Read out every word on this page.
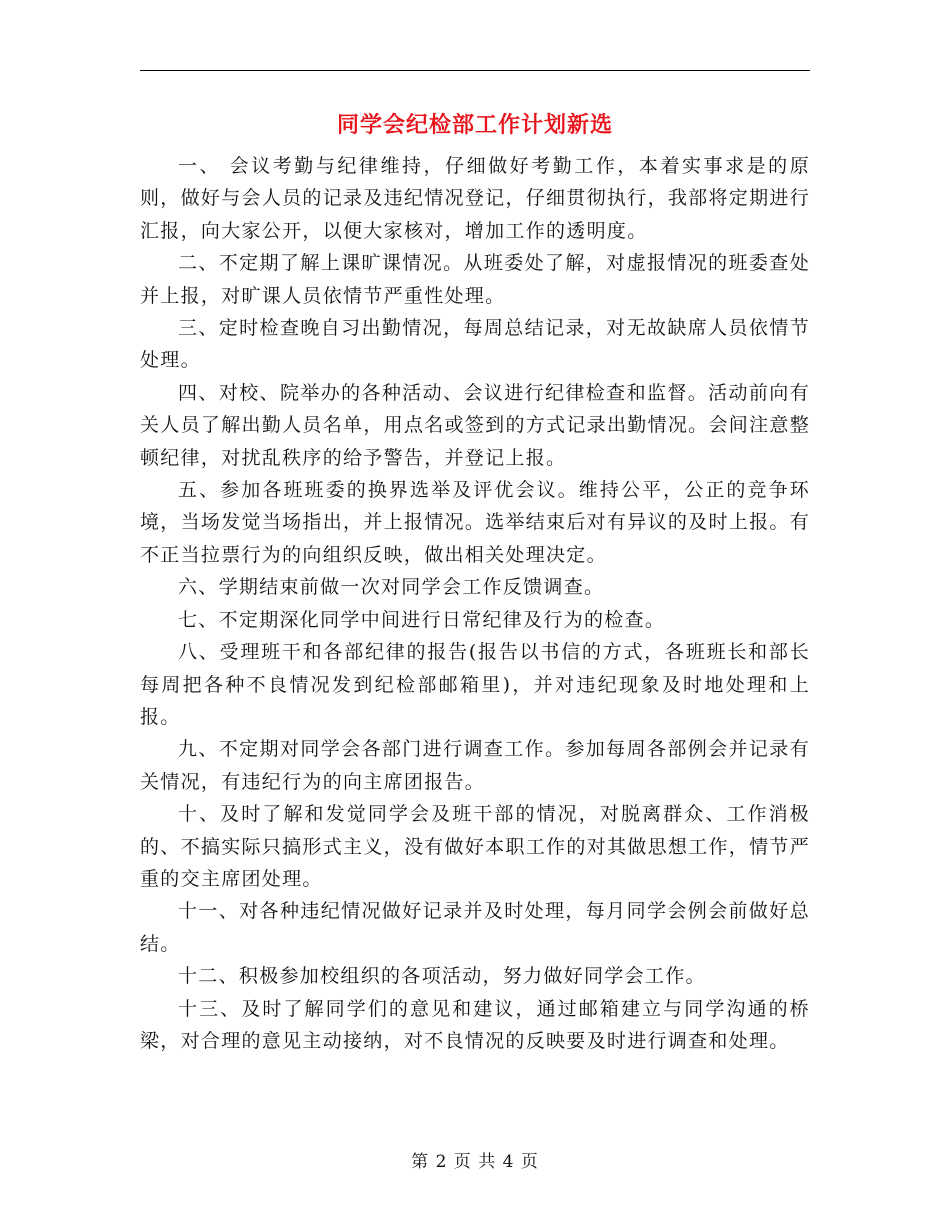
同学会纪检部工作计划新选

一、 会议考勤与纪律维持，仔细做好考勤工作，本着实事求是的原则，做好与会人员的记录及违纪情况登记，仔细贯彻执行，我部将定期进行汇报，向大家公开，以便大家核对，增加工作的透明度。

二、不定期了解上课旷课情况。从班委处了解，对虚报情况的班委查处并上报，对旷课人员依情节严重性处理。

三、定时检查晚自习出勤情况，每周总结记录，对无故缺席人员依情节处理。

四、对校、院举办的各种活动、会议进行纪律检查和监督。活动前向有关人员了解出勤人员名单，用点名或签到的方式记录出勤情况。会间注意整顿纪律，对扰乱秩序的给予警告，并登记上报。

五、参加各班班委的换界选举及评优会议。维持公平，公正的竞争环境，当场发觉当场指出，并上报情况。选举结束后对有异议的及时上报。有不正当拉票行为的向组织反映，做出相关处理决定。

六、学期结束前做一次对同学会工作反馈调查。

七、不定期深化同学中间进行日常纪律及行为的检查。

八、受理班干和各部纪律的报告(报告以书信的方式，各班班长和部长每周把各种不良情况发到纪检部邮箱里)，并对违纪现象及时地处理和上报。

九、不定期对同学会各部门进行调查工作。参加每周各部例会并记录有关情况，有违纪行为的向主席团报告。

十、及时了解和发觉同学会及班干部的情况，对脱离群众、工作消极的、不搞实际只搞形式主义，没有做好本职工作的对其做思想工作，情节严重的交主席团处理。

十一、对各种违纪情况做好记录并及时处理，每月同学会例会前做好总结。

十二、积极参加校组织的各项活动，努力做好同学会工作。

十三、及时了解同学们的意见和建议，通过邮箱建立与同学沟通的桥梁，对合理的意见主动接纳，对不良情况的反映要及时进行调查和处理。

第 2 页 共 4 页
